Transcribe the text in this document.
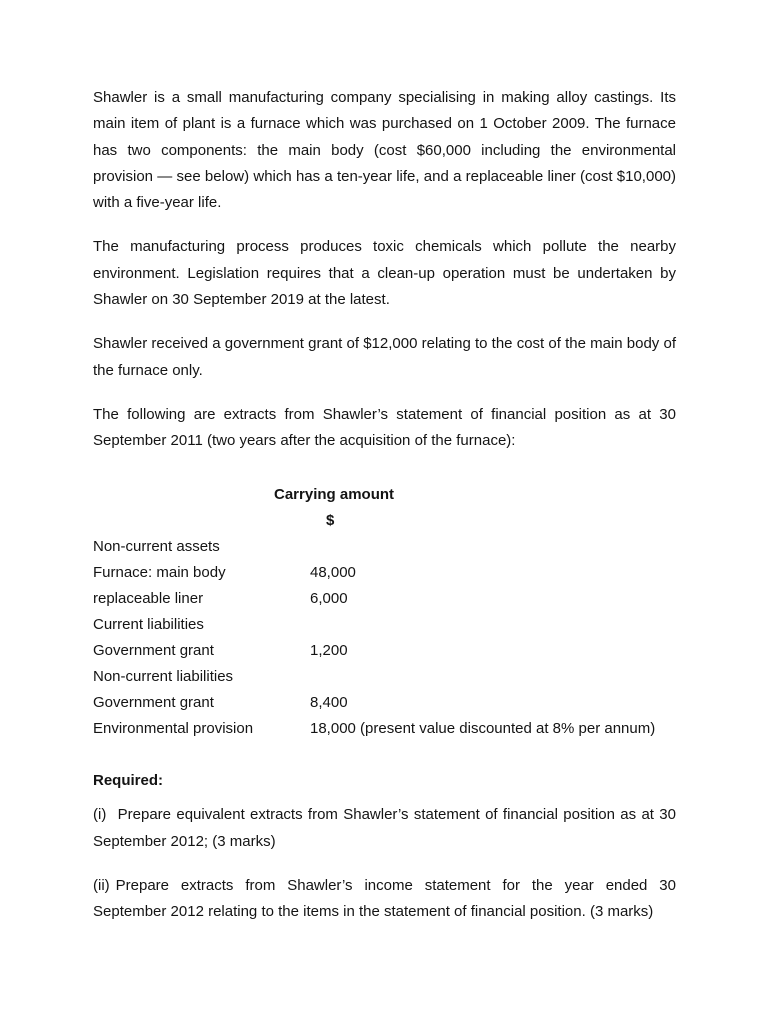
Shawler is a small manufacturing company specialising in making alloy castings. Its main item of plant is a furnace which was purchased on 1 October 2009. The furnace has two components: the main body (cost $60,000 including the environmental provision — see below) which has a ten-year life, and a replaceable liner (cost $10,000) with a five-year life.

The manufacturing process produces toxic chemicals which pollute the nearby environment. Legislation requires that a clean-up operation must be undertaken by Shawler on 30 September 2019 at the latest.

Shawler received a government grant of $12,000 relating to the cost of the main body of the furnace only.

The following are extracts from Shawler’s statement of financial position as at 30 September 2011 (two years after the acquisition of the furnace):

Carrying amount
$
Non-current assets
Furnace: main body	48,000
replaceable liner	6,000
Current liabilities
Government grant	1,200
Non-current liabilities
Government grant	8,400
Environmental provision	18,000 (present value discounted at 8% per annum)
Required:

(i) Prepare equivalent extracts from Shawler’s statement of financial position as at 30 September 2012; (3 marks)

(ii) Prepare extracts from Shawler’s income statement for the year ended 30 September 2012 relating to the items in the statement of financial position. (3 marks)
